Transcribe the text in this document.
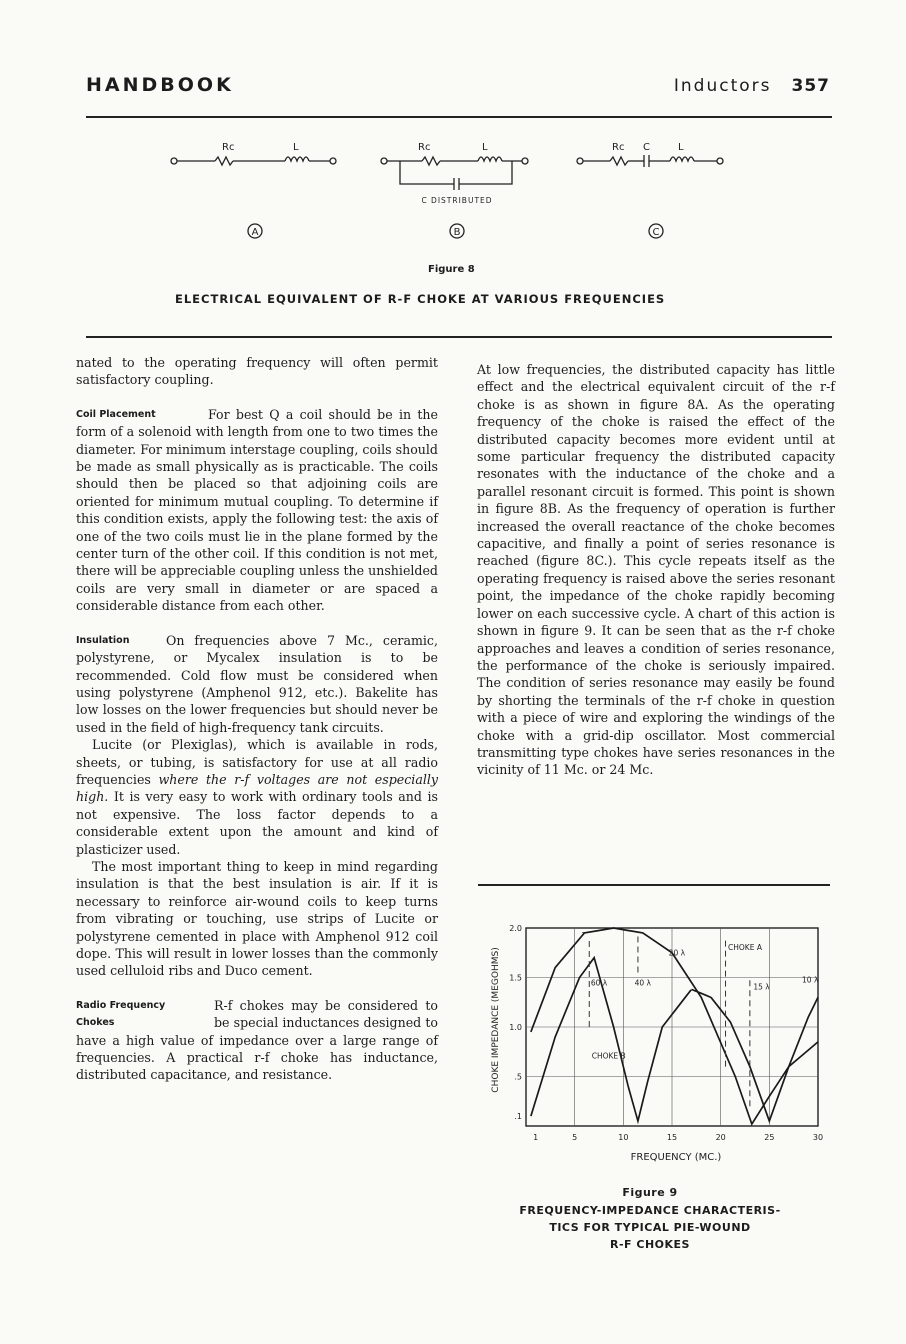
HANDBOOK	Inductors 357
Rc	L
A
Rc	L
C DISTRIBUTED
B
Rc C	L
C
Figure 8
ELECTRICAL EQUIVALENT OF R-F CHOKE AT VARIOUS FREQUENCIES

nated to the operating frequency will often permit satisfactory coupling.

Coil Placement	For best Q a coil should be in the form of a solenoid with length from one to two times the diameter. For minimum interstage coupling, coils should be made as small physically as is practicable. The coils should then be placed so that adjoining coils are oriented for minimum mutual coupling. To determine if this condition exists, apply the following test: the axis of one of the two coils must lie in the plane formed by the center turn of the other coil. If this condition is not met, there will be appreciable coupling unless the unshielded coils are very small in diameter or are spaced a considerable distance from each other.

Insulation	On frequencies above 7 Mc., ceramic, polystyrene, or Mycalex insulation is to be recommended. Cold flow must be considered when using polystyrene (Amphenol 912, etc.). Bakelite has low losses on the lower frequencies but should never be used in the field of high-frequency tank circuits.

Lucite (or Plexiglas), which is available in rods, sheets, or tubing, is satisfactory for use at all radio frequencies where the r-f voltages are not especially high. It is very easy to work with ordinary tools and is not expensive. The loss factor depends to a considerable extent upon the amount and kind of plasticizer used.

The most important thing to keep in mind regarding insulation is that the best insulation is air. If it is necessary to reinforce air-wound coils to keep turns from vibrating or touching, use strips of Lucite or polystyrene cemented in place with Amphenol 912 coil dope. This will result in lower losses than the commonly used celluloid ribs and Duco cement.

Radio Frequency
Chokes
R-f chokes may be considered to be special inductances designed to have a high value of impedance over a large range of frequencies. A practical r-f choke has inductance, distributed capacitance, and resistance.

At low frequencies, the distributed capacity has little effect and the electrical equivalent circuit of the r-f choke is as shown in figure 8A. As the operating frequency of the choke is raised the effect of the distributed capacity becomes more evident until at some particular frequency the distributed capacity resonates with the inductance of the choke and a parallel resonant circuit is formed. This point is shown in figure 8B. As the frequency of operation is further increased the overall reactance of the choke becomes capacitive, and finally a point of series resonance is reached (figure 8C.). This cycle repeats itself as the operating frequency is raised above the series resonant point, the impedance of the choke rapidly becoming lower on each successive cycle. A chart of this action is shown in figure 9. It can be seen that as the r-f choke approaches and leaves a condition of series resonance, the performance of the choke is seriously impaired. The condition of series resonance may easily be found by shorting the terminals of the r-f choke in question with a piece of wire and exploring the windings of the choke with a grid-dip oscillator. Most commercial transmitting type chokes have series resonances in the vicinity of 11 Mc. or 24 Mc.

1	5	10	15	20	25	30
2.0
1.5
1.0
.5
.1
FREQUENCY (MC.)
CHOKE IMPEDANCE (MEGOHMS)
CHOKE A
CHOKE B
20 λ
60 λ	40 λ	15 λ
10 λ
Figure 9
FREQUENCY-IMPEDANCE CHARACTERIS-
TICS FOR TYPICAL PIE-WOUND
R-F CHOKES
